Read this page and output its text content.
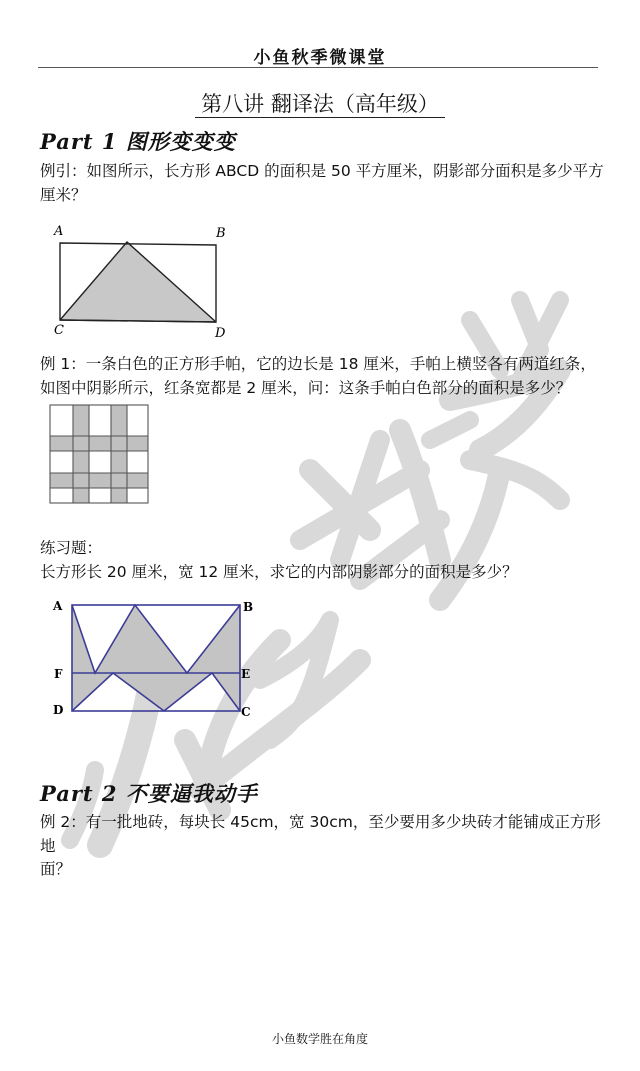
小鱼秋季微课堂
第八讲 翻译法（高年级）
Part 1 图形变变变
例引：如图所示，长方形 ABCD 的面积是 50 平方厘米，阴影部分面积是多少平方
厘米？
A	B
C	D
例 1：一条白色的正方形手帕，它的边长是 18 厘米，手帕上横竖各有两道红条，
如图中阴影所示，红条宽都是 2 厘米，问：这条手帕白色部分的面积是多少？
练习题：
长方形长 20 厘米，宽 12 厘米，求它的内部阴影部分的面积是多少？
A	B
F	E
D	C
Part 2 不要逼我动手
例 2：有一批地砖，每块长 45cm，宽 30cm，至少要用多少块砖才能铺成正方形地
面？
小鱼数学胜在角度
